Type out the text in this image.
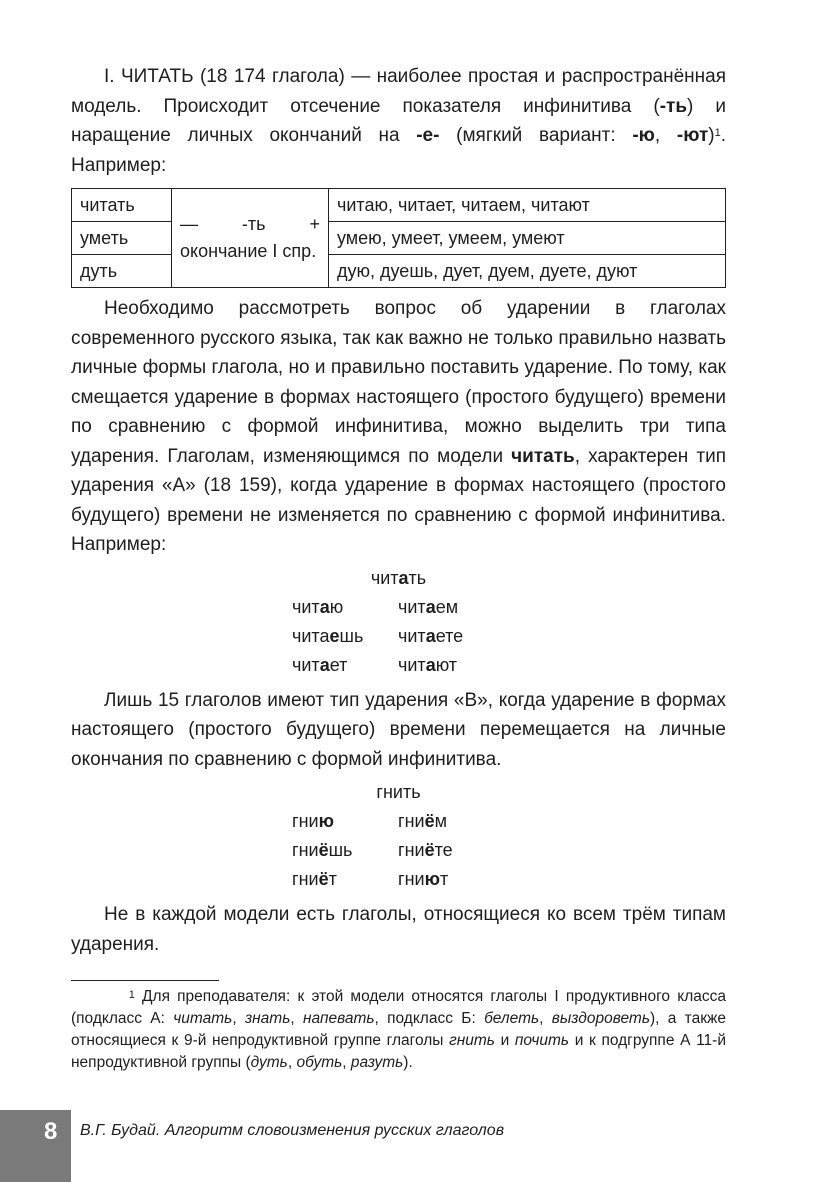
I. ЧИТАТЬ (18 174 глагола) — наиболее простая и распространённая модель. Происходит отсечение показателя инфинитива (-ть) и наращение личных окончаний на -е- (мягкий вариант: -ю, -ют)$^1$. Например:

читать	— -ть + окончание I спр.	читаю, читает, читаем, читают
уметь		умею, умеет, умеем, умеют
дуть		дую, дуешь, дует, дуем, дуете, дуют

Необходимо рассмотреть вопрос об ударении в глаголах современного русского языка, так как важно не только правильно назвать личные формы глагола, но и правильно поставить ударение. По тому, как смещается ударение в формах настоящего (простого будущего) времени по сравнению с формой инфинитива, можно выделить три типа ударения. Глаголам, изменяющимся по модели читать, характерен тип ударения «А» (18 159), когда ударение в формах настоящего (простого будущего) времени не изменяется по сравнению с формой инфинитива. Например:

читать
читаю	читаем
читаешь	читаете
читает	читают

Лишь 15 глаголов имеют тип ударения «В», когда ударение в формах настоящего (простого будущего) времени перемещается на личные окончания по сравнению с формой инфинитива.

гнить
гнию	гниём
гниёшь	гниёте
гниёт	гниют

Не в каждой модели есть глаголы, относящиеся ко всем трём типам ударения.

$^1$ Для преподавателя: к этой модели относятся глаголы I продуктивного класса (подкласс А: читать, знать, напевать, подкласс Б: белеть, выздороветь), а также относящиеся к 9-й непродуктивной группе глаголы гнить и почить и к подгруппе А 11-й непродуктивной группы (дуть, обуть, разуть).
8 В.Г. Будай. Алгоритм словоизменения русских глаголов
